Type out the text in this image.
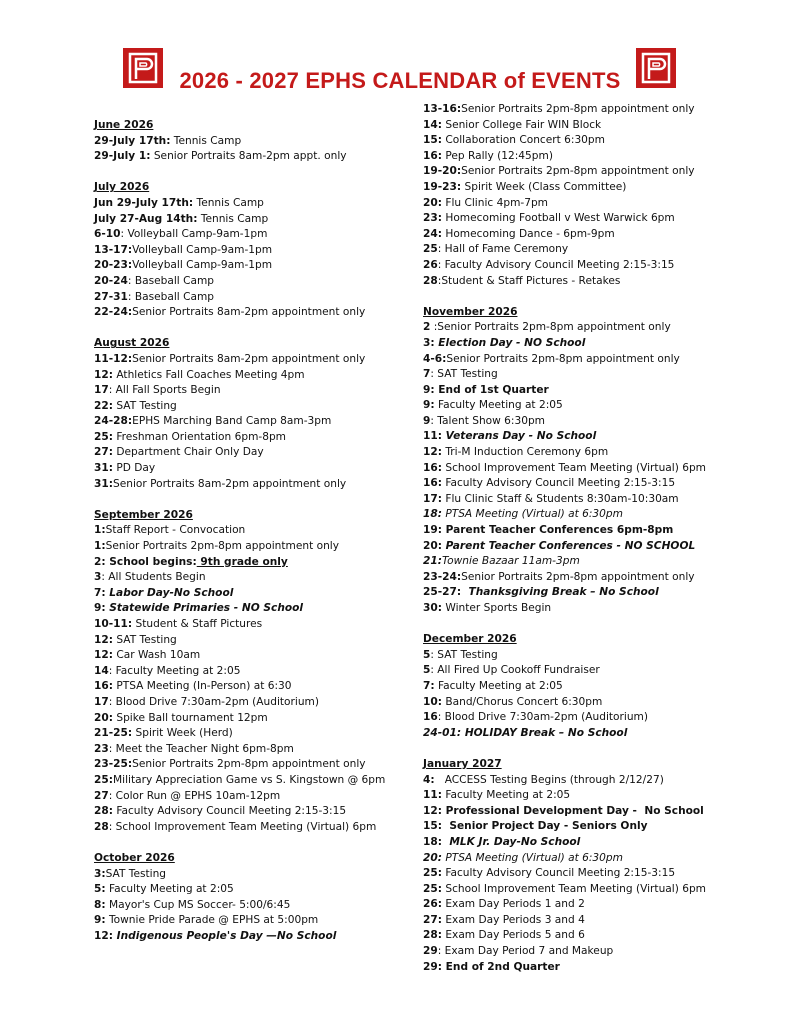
2026 - 2027 EPHS CALENDAR of EVENTS
June 2026
29-July 17th: Tennis Camp
29-July 1: Senior Portraits 8am-2pm appt. only
July 2026
Jun 29-July 17th: Tennis Camp
July 27-Aug 14th: Tennis Camp
6-10: Volleyball Camp-9am-1pm
13-17:Volleyball Camp-9am-1pm
20-23:Volleyball Camp-9am-1pm
20-24: Baseball Camp
27-31: Baseball Camp
22-24:Senior Portraits 8am-2pm appointment only
August 2026
11-12:Senior Portraits 8am-2pm appointment only
12: Athletics Fall Coaches Meeting 4pm
17: All Fall Sports Begin
22: SAT Testing
24-28:EPHS Marching Band Camp 8am-3pm
25: Freshman Orientation 6pm-8pm
27: Department Chair Only Day
31: PD Day
31:Senior Portraits 8am-2pm appointment only
September 2026
1:Staff Report - Convocation
1:Senior Portraits 2pm-8pm appointment only
2: School begins: 9th grade only
3: All Students Begin
7: Labor Day-No School
9: Statewide Primaries - NO School
10-11: Student & Staff Pictures
12: SAT Testing
12: Car Wash 10am
14: Faculty Meeting at 2:05
16: PTSA Meeting (In-Person) at 6:30
17: Blood Drive 7:30am-2pm (Auditorium)
20: Spike Ball tournament 12pm
21-25: Spirit Week (Herd)
23: Meet the Teacher Night 6pm-8pm
23-25:Senior Portraits 2pm-8pm appointment only
25:Military Appreciation Game vs S. Kingstown @ 6pm
27: Color Run @ EPHS 10am-12pm
28: Faculty Advisory Council Meeting 2:15-3:15
28: School Improvement Team Meeting (Virtual) 6pm
October 2026
3:SAT Testing
5: Faculty Meeting at 2:05
8: Mayor's Cup MS Soccer- 5:00/6:45
9: Townie Pride Parade @ EPHS at 5:00pm
12: Indigenous People's Day —No School
13-16:Senior Portraits 2pm-8pm appointment only
14: Senior College Fair WIN Block
15: Collaboration Concert 6:30pm
16: Pep Rally (12:45pm)
19-20:Senior Portraits 2pm-8pm appointment only
19-23: Spirit Week (Class Committee)
20: Flu Clinic 4pm-7pm
23: Homecoming Football v West Warwick 6pm
24: Homecoming Dance - 6pm-9pm
25: Hall of Fame Ceremony
26: Faculty Advisory Council Meeting 2:15-3:15
28:Student & Staff Pictures - Retakes
November 2026
2 :Senior Portraits 2pm-8pm appointment only
3: Election Day - NO School
4-6:Senior Portraits 2pm-8pm appointment only
7: SAT Testing
9: End of 1st Quarter
9: Faculty Meeting at 2:05
9: Talent Show 6:30pm
11: Veterans Day - No School
12: Tri-M Induction Ceremony 6pm
16: School Improvement Team Meeting (Virtual) 6pm
16: Faculty Advisory Council Meeting 2:15-3:15
17: Flu Clinic Staff & Students 8:30am-10:30am
18: PTSA Meeting (Virtual) at 6:30pm
19: Parent Teacher Conferences 6pm-8pm
20: Parent Teacher Conferences - NO SCHOOL
21:Townie Bazaar 11am-3pm
23-24:Senior Portraits 2pm-8pm appointment only
25-27:  Thanksgiving Break – No School
30: Winter Sports Begin
December 2026
5: SAT Testing
5: All Fired Up Cookoff Fundraiser
7: Faculty Meeting at 2:05
10: Band/Chorus Concert 6:30pm
16: Blood Drive 7:30am-2pm (Auditorium)
24-01: HOLIDAY Break – No School
January 2027
4:   ACCESS Testing Begins (through 2/12/27)
11: Faculty Meeting at 2:05
12: Professional Development Day -  No School
15:  Senior Project Day - Seniors Only
18:  MLK Jr. Day-No School
20: PTSA Meeting (Virtual) at 6:30pm
25: Faculty Advisory Council Meeting 2:15-3:15
25: School Improvement Team Meeting (Virtual) 6pm
26: Exam Day Periods 1 and 2
27: Exam Day Periods 3 and 4
28: Exam Day Periods 5 and 6
29: Exam Day Period 7 and Makeup
29: End of 2nd Quarter
